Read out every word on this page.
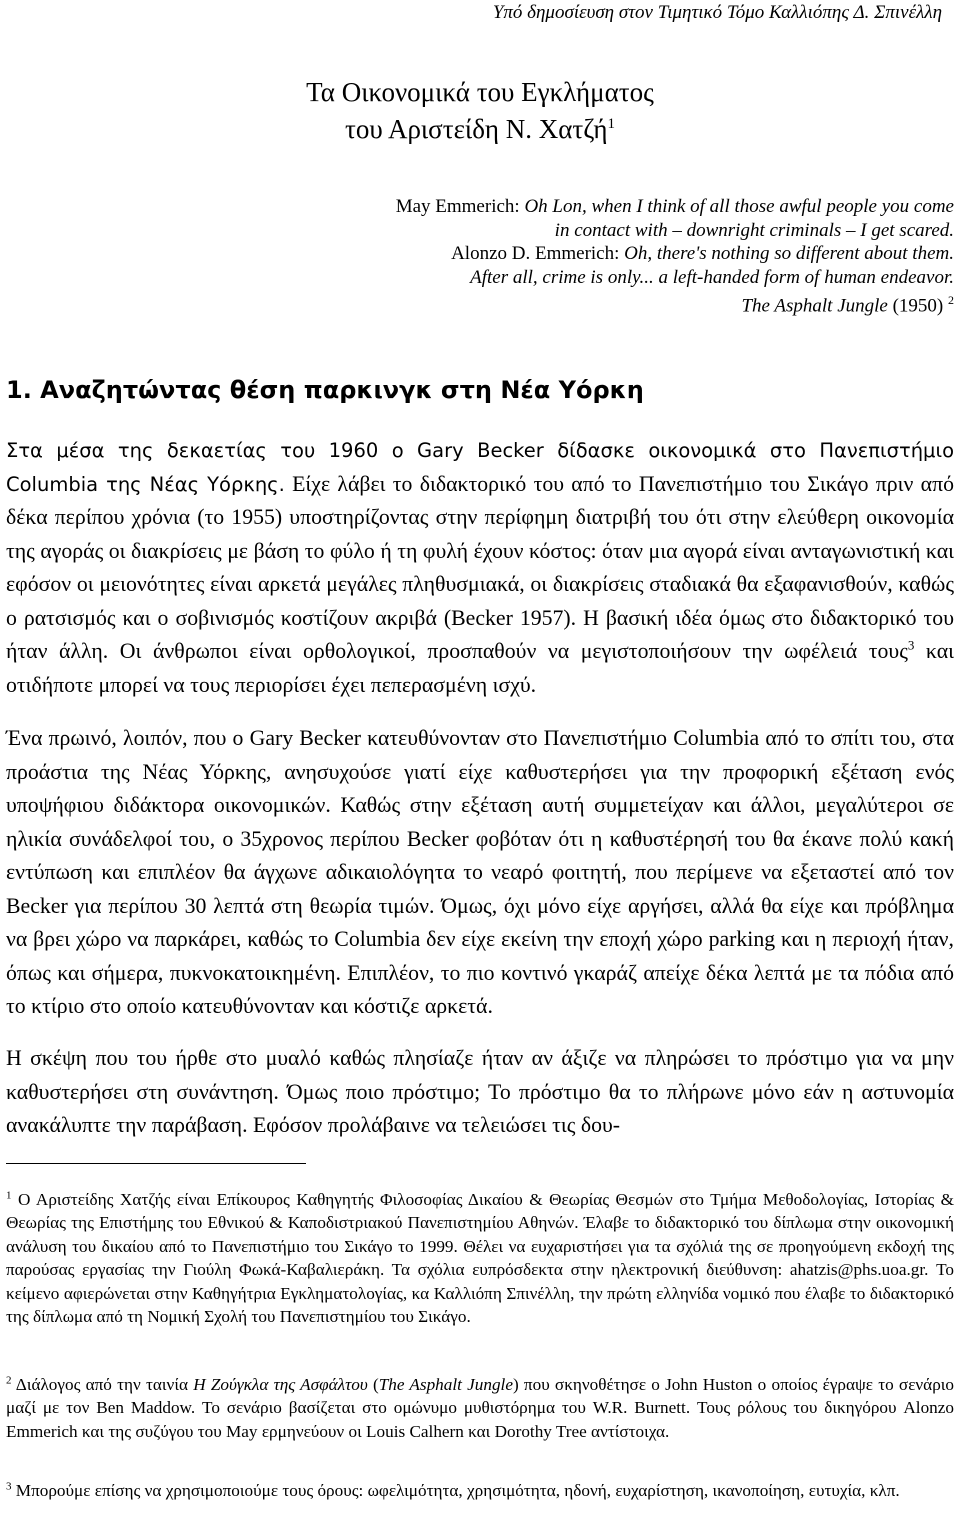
Υπό δημοσίευση στον Τιμητικό Τόμο Καλλιόπης Δ. Σπινέλλη
Τα Οικονομικά του Εγκλήματος
του Αριστείδη Ν. Χατζή$^1$
May Emmerich: Oh Lon, when I think of all those awful people you come in contact with – downright criminals – I get scared.
Alonzo D. Emmerich: Oh, there's nothing so different about them.
After all, crime is only... a left-handed form of human endeavor.
The Asphalt Jungle (1950) $^2$
1. Αναζητώντας θέση παρκινγκ στη Νέα Υόρκη

Στα μέσα της δεκαετίας του 1960 ο Gary Becker δίδασκε οικονομικά στο Πανεπιστήμιο Columbia της Νέας Υόρκης. Είχε λάβει το διδακτορικό του από το Πανεπιστήμιο του Σικάγο πριν από δέκα περίπου χρόνια (το 1955) υποστηρίζοντας στην περίφημη διατριβή του ότι στην ελεύθερη οικονομία της αγοράς οι διακρίσεις με βάση το φύλο ή τη φυλή έχουν κόστος: όταν μια αγορά είναι ανταγωνιστική και εφόσον οι μειονότητες είναι αρκετά μεγάλες πληθυσμιακά, οι διακρίσεις σταδιακά θα εξαφανισθούν, καθώς ο ρατσισμός και ο σοβινισμός κοστίζουν ακριβά (Becker 1957). Η βασική ιδέα όμως στο διδακτορικό του ήταν άλλη. Οι άνθρωποι είναι ορθολογικοί, προσπαθούν να μεγιστοποιήσουν την ωφέλειά τους$^3$ και οτιδήποτε μπορεί να τους περιορίσει έχει πεπερασμένη ισχύ.

Ένα πρωινό, λοιπόν, που ο Gary Becker κατευθύνονταν στο Πανεπιστήμιο Columbia από το σπίτι του, στα προάστια της Νέας Υόρκης, ανησυχούσε γιατί είχε καθυστερήσει για την προφορική εξέταση ενός υποψήφιου διδάκτορα οικονομικών. Καθώς στην εξέταση αυτή συμμετείχαν και άλλοι, μεγαλύτεροι σε ηλικία συνάδελφοί του, ο 35χρονος περίπου Becker φοβόταν ότι η καθυστέρησή του θα έκανε πολύ κακή εντύπωση και επιπλέον θα άγχωνε αδικαιολόγητα το νεαρό φοιτητή, που περίμενε να εξεταστεί από τον Becker για περίπου 30 λεπτά στη θεωρία τιμών. Όμως, όχι μόνο είχε αργήσει, αλλά θα είχε και πρόβλημα να βρει χώρο να παρκάρει, καθώς το Columbia δεν είχε εκείνη την εποχή χώρο parking και η περιοχή ήταν, όπως και σήμερα, πυκνοκατοικημένη. Επιπλέον, το πιο κοντινό γκαράζ απείχε δέκα λεπτά με τα πόδια από το κτίριο στο οποίο κατευθύνονταν και κόστιζε αρκετά.

Η σκέψη που του ήρθε στο μυαλό καθώς πλησίαζε ήταν αν άξιζε να πληρώσει το πρόστιμο για να μην καθυστερήσει στη συνάντηση. Όμως ποιο πρόστιμο; Το πρόστιμο θα το πλήρωνε μόνο εάν η αστυνομία ανακάλυπτε την παράβαση. Εφόσον προλάβαινε να τελειώσει τις δου-

$^1$ Ο Αριστείδης Χατζής είναι Επίκουρος Καθηγητής Φιλοσοφίας Δικαίου & Θεωρίας Θεσμών στο Τμήμα Μεθοδολογίας, Ιστορίας & Θεωρίας της Επιστήμης του Εθνικού & Καποδιστριακού Πανεπιστημίου Αθηνών. Έλαβε το διδακτορικό του δίπλωμα στην οικονομική ανάλυση του δικαίου από το Πανεπιστήμιο του Σικάγο το 1999. Θέλει να ευχαριστήσει για τα σχόλιά της σε προηγούμενη εκδοχή της παρούσας εργασίας την Γιούλη Φωκά-Καβαλιεράκη. Τα σχόλια ευπρόσδεκτα στην ηλεκτρονική διεύθυνση: ahatzis@phs.uoa.gr. Το κείμενο αφιερώνεται στην Καθηγήτρια Εγκληματολογίας, κα Καλλιόπη Σπινέλλη, την πρώτη ελληνίδα νομικό που έλαβε το διδακτορικό της δίπλωμα από τη Νομική Σχολή του Πανεπιστημίου του Σικάγο.

$^2$ Διάλογος από την ταινία Η Ζούγκλα της Ασφάλτου (The Asphalt Jungle) που σκηνοθέτησε ο John Huston ο οποίος έγραψε το σενάριο μαζί με τον Ben Maddow. Το σενάριο βασίζεται στο ομώνυμο μυθιστόρημα του W.R. Burnett. Τους ρόλους του δικηγόρου Alonzo Emmerich και της συζύγου του May ερμηνεύουν οι Louis Calhern και Dorothy Tree αντίστοιχα.

$^3$ Μπορούμε επίσης να χρησιμοποιούμε τους όρους: ωφελιμότητα, χρησιμότητα, ηδονή, ευχαρίστηση, ικανοποίηση, ευτυχία, κλπ.
